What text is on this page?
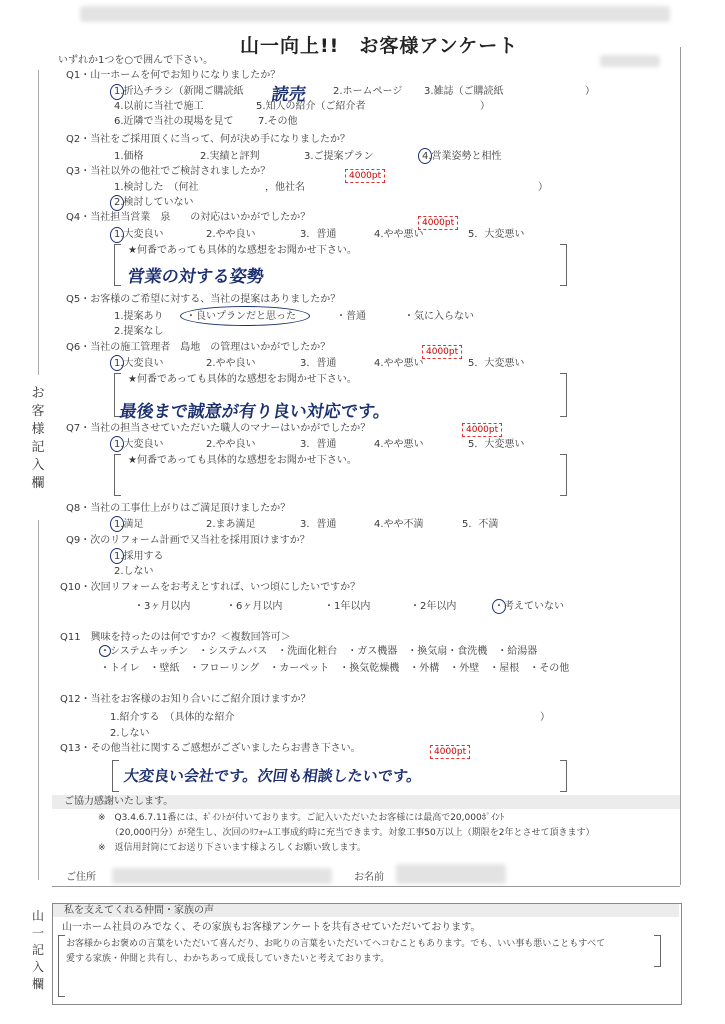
山一向上!!　お客様アンケート
いずれか1つを○で囲んで下さい。
お客様記入欄
Q1・山一ホームを何でお知りになりましたか？
1.折込チラシ（新聞ご購読紙 読売	2.ホームページ 3.雑誌（ご購読紙	）
4.以前に当社で施工	5.知人の紹介（ご紹介者	）
6.近隣で当社の現場を見て 7.その他
Q2・当社をご採用頂くに当って、何が決め手になりましたか？
1.価格	2.実績と評判	3.ご提案プラン	4.営業姿勢と相性
Q3・当社以外の他社でご検討されましたか？	4000pt
1.検討した　（何社	，他社名	）
2.検討していない
Q4・当社担当営業　泉　　の対応はいかがでしたか？	4000pt
1.大変良い	2.やや良い	3．普通	4.やや悪い	5．大変悪い
★何番であっても具体的な感想をお聞かせ下さい。
営業の対する姿勢
Q5・お客様のご希望に対する、当社の提案はありましたか？
1.提案あり ・良いプランだと思った	・普通	・気に入らない
2.提案なし
Q6・当社の施工管理者　島地　の管理はいかがでしたか？	4000pt
1.大変良い	2.やや良い	3．普通	4.やや悪い	5．大変悪い
★何番であっても具体的な感想をお聞かせ下さい。
最後まで誠意が有り良い対応です。
Q7・当社の担当させていただいた職人のマナーはいかがでしたか？	4000pt
1.大変良い	2.やや良い	3．普通	4.やや悪い	5．大変悪い
★何番であっても具体的な感想をお聞かせ下さい。
Q8・当社の工事仕上がりはご満足頂けましたか？
1.満足	2.まあ満足	3．普通	4.やや不満	5．不満
Q9・次のリフォーム計画で又当社を採用頂けますか？
1.採用する
2.しない
Q10・次回リフォームをお考えとすれば、いつ頃にしたいですか？
・3ヶ月以内	・6ヶ月以内	・1年以内	・2年以内	・考えていない
Q11　興味を持ったのは何ですか？＜複数回答可＞
・システムキッチン　・システムバス　・洗面化粧台　・ガス機器　・換気扇・食洗機　・給湯器
・トイレ　・壁紙　・フローリング　・カーペット　・換気乾燥機　・外構　・外壁　・屋根　・その他
Q12・当社をお客様のお知り合いにご紹介頂けますか？
1.紹介する　（具体的な紹介	）
2.しない
Q13・その他当社に関するご感想がございましたらお書き下さい。	4000pt
大変良い会社です。次回も相談したいです。
ご協力感謝いたします。
※　Q3.4.6.7.11番には、ﾎﾟｲﾝﾄが付いております。ご記入いただいたお客様には最高で20,000ﾎﾟｲﾝﾄ
（20,000円分）が発生し、次回のﾘﾌｫｰﾑ工事成約時に充当できます。対象工事50万以上（期限を2年とさせて頂きます）
※　返信用封筒にてお送り下さいます様よろしくお願い致します。
ご住所	お名前
山一記入欄
私を支えてくれる仲間・家族の声
山一ホーム社員のみでなく、その家族もお客様アンケートを共有させていただいております。
お客様からお褒めの言葉をいただいて喜んだり、お叱りの言葉をいただいてヘコむこともあります。でも、いい事も悪いこともすべて
愛する家族・仲間と共有し、わかちあって成長していきたいと考えております。
